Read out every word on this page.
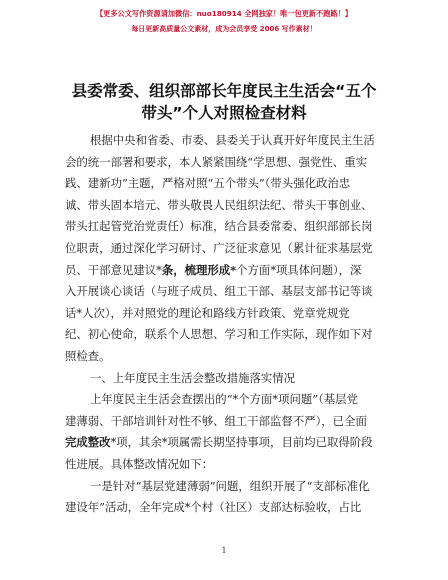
【更多公文写作资源请加微信：nuo180914 全网独家！唯一包更新不跑路！】
每日更新高质量公文素材，成为会员享受 2006 写作素材！
县委常委、组织部部长年度民主生活会“五个
带头”个人对照检查材料
根据中央和省委、市委、县委关于认真开好年度民主生活
会的统一部署和要求，本人紧紧围绕“学思想、强党性、重实
践、建新功”主题，严格对照“五个带头”（带头强化政治忠
诚、带头固本培元、带头敬畏人民组织法纪、带头干事创业、
带头扛起管党治党责任）标准，结合县委常委、组织部部长岗
位职责，通过深化学习研讨、广泛征求意见（累计征求基层党
员、干部意见建议*条，梳理形成*个方面*项具体问题），深
入开展谈心谈话（与班子成员、组工干部、基层支部书记等谈
话*人次），并对照党的理论和路线方针政策、党章党规党
纪、初心使命，联系个人思想、学习和工作实际，现作如下对
照检查。
一、上年度民主生活会整改措施落实情况
上年度民主生活会查摆出的“*个方面*项问题”（基层党
建薄弱、干部培训针对性不够、组工干部监督不严），已全面
完成整改*项，其余*项属需长期坚持事项，目前均已取得阶段
性进展。具体整改情况如下：
一是针对“基层党建薄弱”问题，组织开展了“支部标准化
建设年”活动，全年完成*个村（社区）支部达标验收，占比
1
